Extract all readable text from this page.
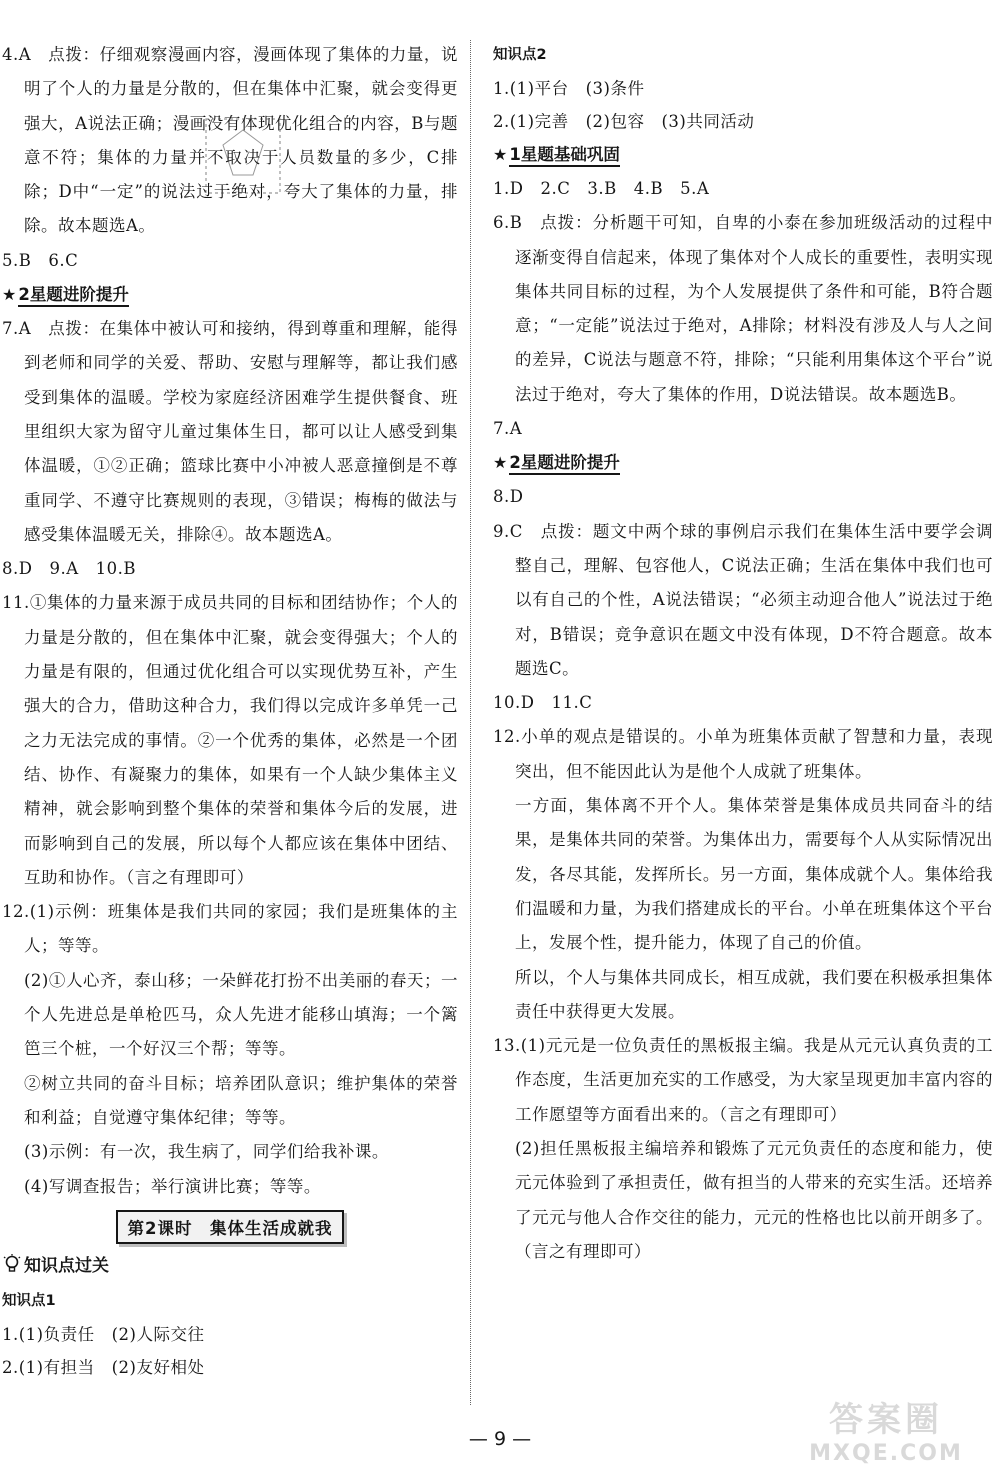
4.A　点拨：仔细观察漫画内容，漫画体现了集体的力量，说明了个人的力量是分散的，但在集体中汇聚，就会变得更强大，A说法正确；漫画没有体现优化组合的内容，B与题意不符；集体的力量并不取决于人员数量的多少，C排除；D中“一定”的说法过于绝对，夸大了集体的力量，排除。故本题选A。

5.B　6.C

★ 2星题进阶提升

7.A　点拨：在集体中被认可和接纳，得到尊重和理解，能得到老师和同学的关爱、帮助、安慰与理解等，都让我们感受到集体的温暖。学校为家庭经济困难学生提供餐食、班里组织大家为留守儿童过集体生日，都可以让人感受到集体温暖，①②正确；篮球比赛中小冲被人恶意撞倒是不尊重同学、不遵守比赛规则的表现，③错误；梅梅的做法与感受集体温暖无关，排除④。故本题选A。

8.D　9.A　10.B

11.①集体的力量来源于成员共同的目标和团结协作；个人的力量是分散的，但在集体中汇聚，就会变得强大；个人的力量是有限的，但通过优化组合可以实现优势互补，产生强大的合力，借助这种合力，我们得以完成许多单凭一己之力无法完成的事情。②一个优秀的集体，必然是一个团结、协作、有凝聚力的集体，如果有一个人缺少集体主义精神，就会影响到整个集体的荣誉和集体今后的发展，进而影响到自己的发展，所以每个人都应该在集体中团结、互助和协作。（言之有理即可）

12.(1)示例：班集体是我们共同的家园；我们是班集体的主人；等等。

(2)①人心齐，泰山移；一朵鲜花打扮不出美丽的春天；一个人先进总是单枪匹马，众人先进才能移山填海；一个篱笆三个桩，一个好汉三个帮；等等。

②树立共同的奋斗目标；培养团队意识；维护集体的荣誉和利益；自觉遵守集体纪律；等等。

(3)示例：有一次，我生病了，同学们给我补课。

(4)写调查报告；举行演讲比赛；等等。

第2课时　集体生活成就我

知识点过关

知识点1

1.(1)负责任　(2)人际交往

2.(1)有担当　(2)友好相处

知识点2

1.(1)平台　(3)条件

2.(1)完善　(2)包容　(3)共同活动

★ 1星题基础巩固

1.D　2.C　3.B　4.B　5.A

6.B　点拨：分析题干可知，自卑的小泰在参加班级活动的过程中逐渐变得自信起来，体现了集体对个人成长的重要性，表明实现集体共同目标的过程，为个人发展提供了条件和可能，B符合题意；“一定能”说法过于绝对，A排除；材料没有涉及人与人之间的差异，C说法与题意不符，排除；“只能利用集体这个平台”说法过于绝对，夸大了集体的作用，D说法错误。故本题选B。

7.A

★ 2星题进阶提升

8.D

9.C　点拨：题文中两个球的事例启示我们在集体生活中要学会调整自己，理解、包容他人，C说法正确；生活在集体中我们也可以有自己的个性，A说法错误；“必须主动迎合他人”说法过于绝对，B错误；竞争意识在题文中没有体现，D不符合题意。故本题选C。

10.D　11.C

12.小单的观点是错误的。小单为班集体贡献了智慧和力量，表现突出，但不能因此认为是他个人成就了班集体。

一方面，集体离不开个人。集体荣誉是集体成员共同奋斗的结果，是集体共同的荣誉。为集体出力，需要每个人从实际情况出发，各尽其能，发挥所长。另一方面，集体成就个人。集体给我们温暖和力量，为我们搭建成长的平台。小单在班集体这个平台上，发展个性，提升能力，体现了自己的价值。

所以，个人与集体共同成长，相互成就，我们要在积极承担集体责任中获得更大发展。

13.(1)元元是一位负责任的黑板报主编。我是从元元认真负责的工作态度，生活更加充实的工作感受，为大家呈现更加丰富内容的工作愿望等方面看出来的。（言之有理即可）

(2)担任黑板报主编培养和锻炼了元元负责任的态度和能力，使元元体验到了承担责任，做有担当的人带来的充实生活。还培养了元元与他人合作交往的能力，元元的性格也比以前开朗多了。（言之有理即可）

— 9 —	答案圈
MXQE.COM
